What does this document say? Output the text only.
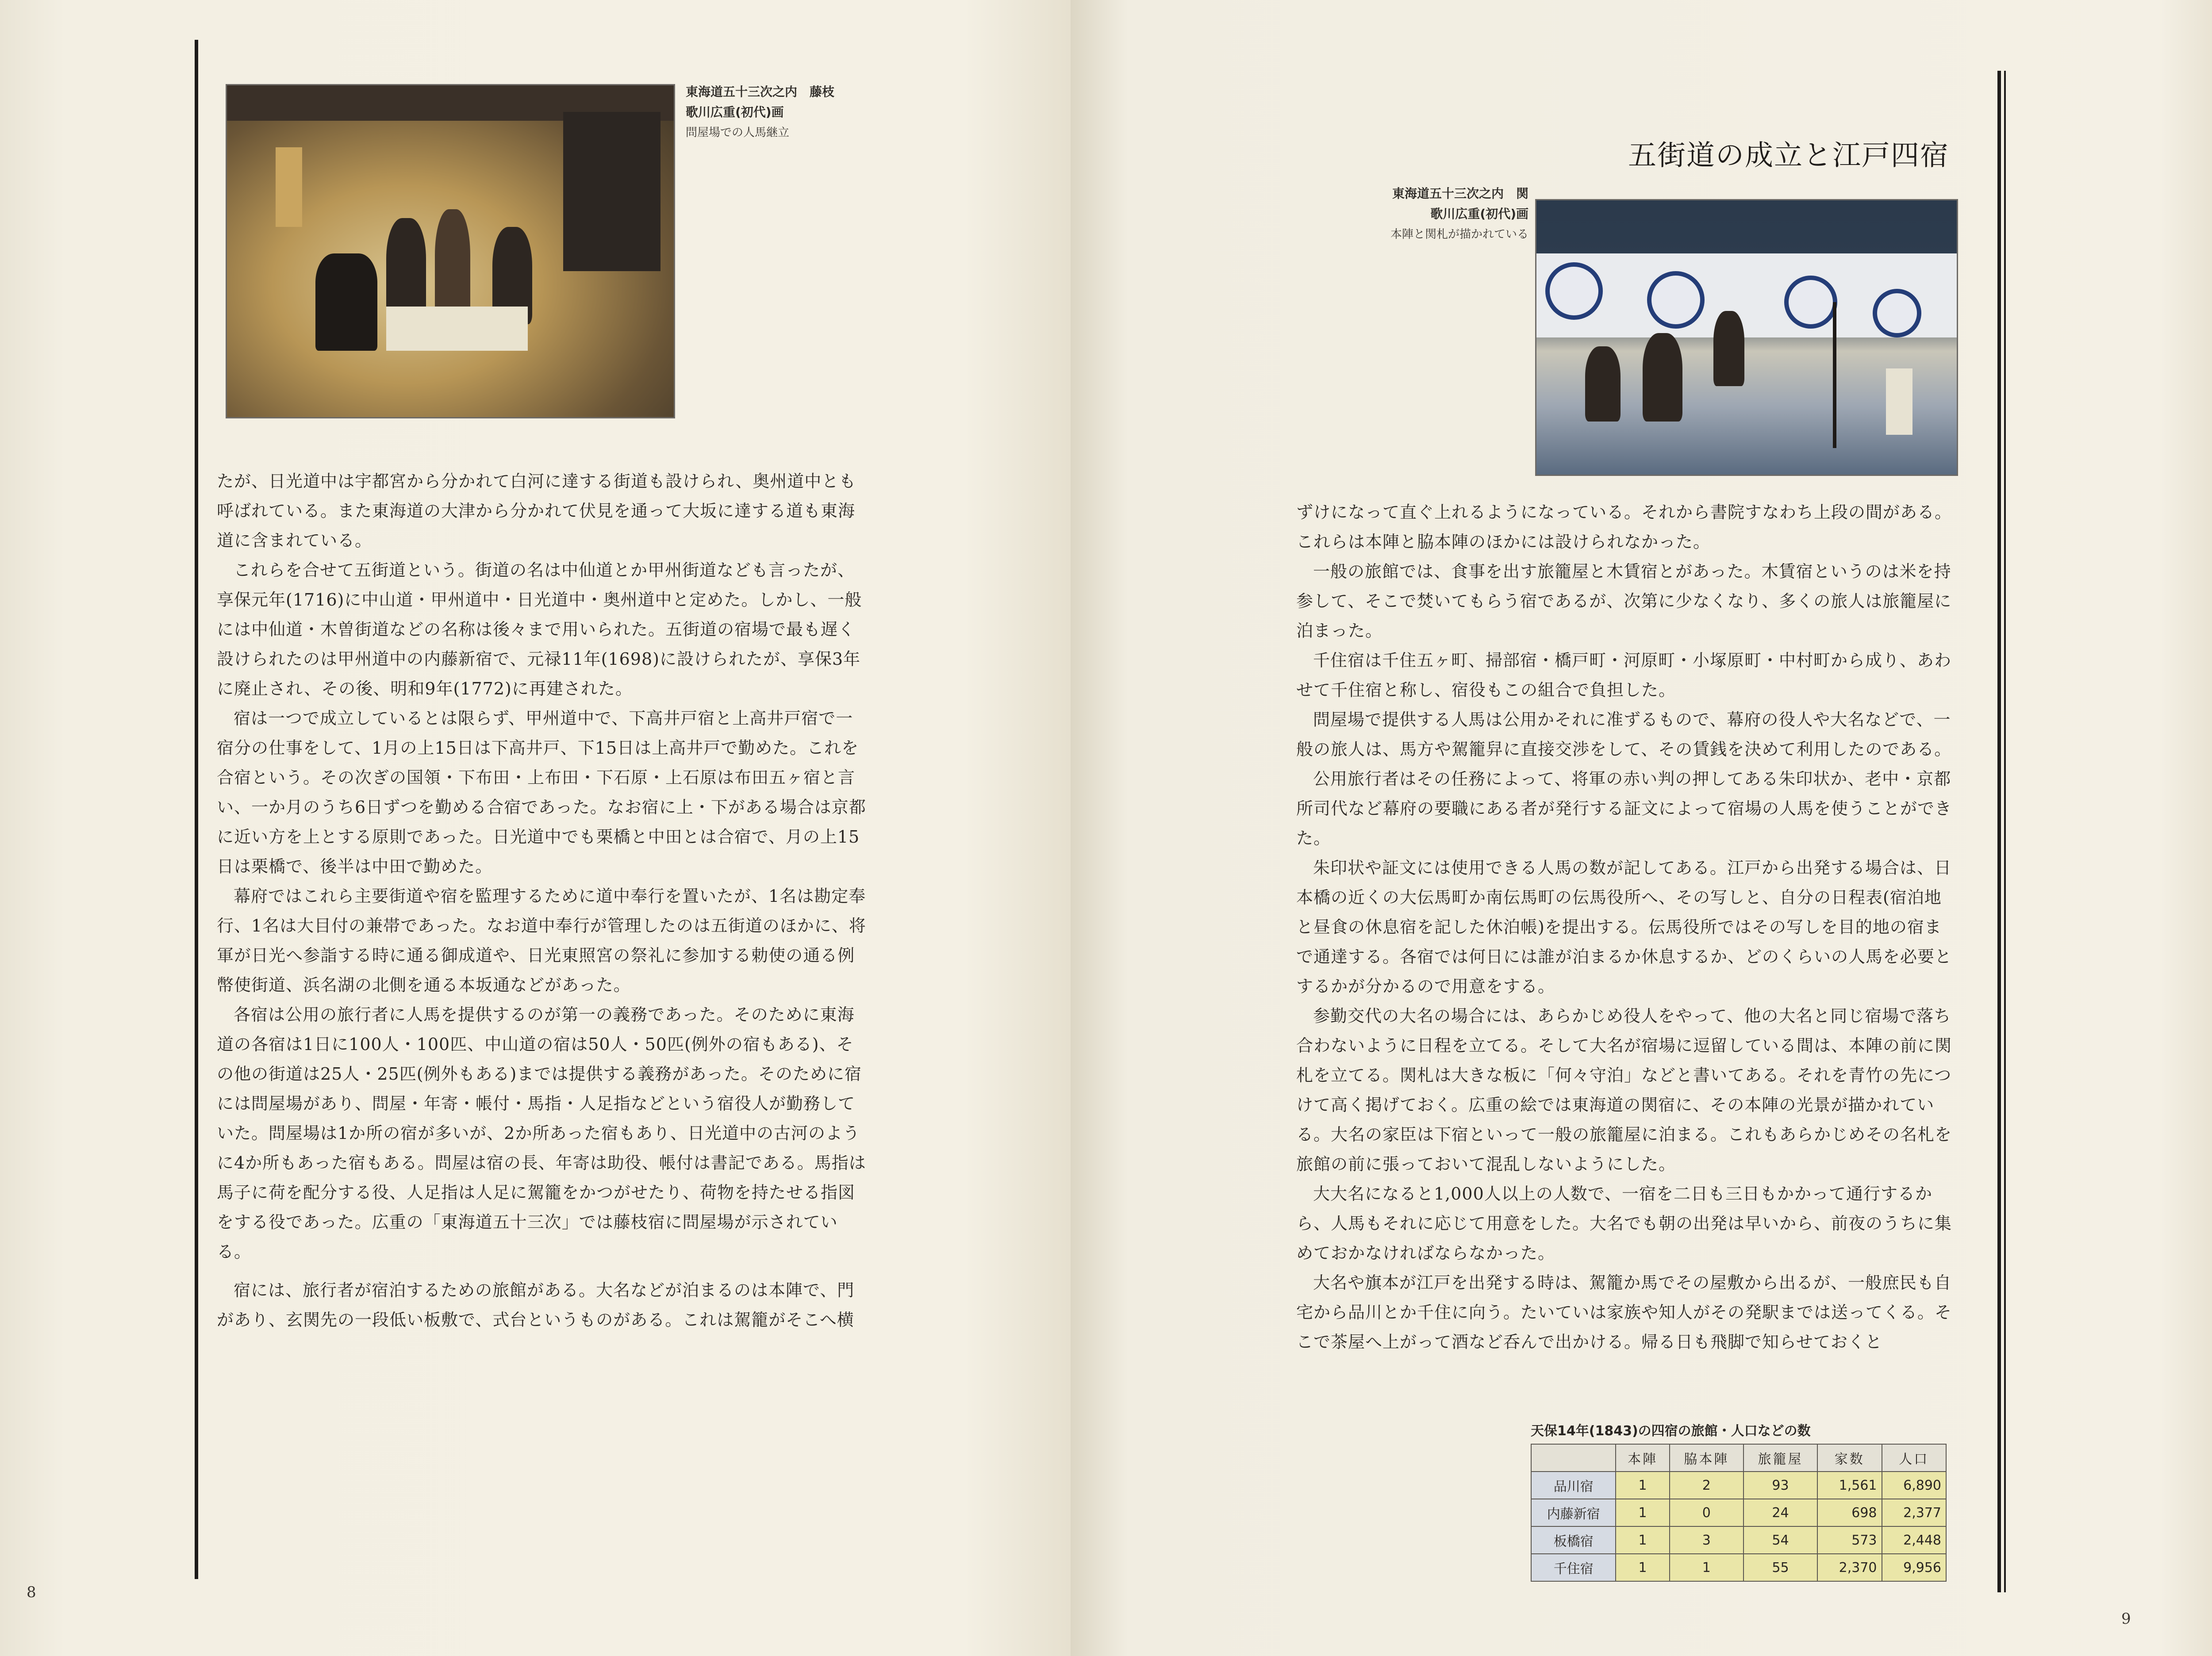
東海道五十三次之内　藤枝
歌川広重(初代)画
問屋場での人馬継立

たが、日光道中は宇都宮から分かれて白河に達する街道も設けられ、奥州道中とも呼ばれている。また東海道の大津から分かれて伏見を通って大坂に達する道も東海道に含まれている。

これらを合せて五街道という。街道の名は中仙道とか甲州街道なども言ったが、享保元年(1716)に中山道・甲州道中・日光道中・奥州道中と定めた。しかし、一般には中仙道・木曽街道などの名称は後々まで用いられた。五街道の宿場で最も遅く設けられたのは甲州道中の内藤新宿で、元禄11年(1698)に設けられたが、享保3年に廃止され、その後、明和9年(1772)に再建された。

宿は一つで成立しているとは限らず、甲州道中で、下高井戸宿と上高井戸宿で一宿分の仕事をして、1月の上15日は下高井戸、下15日は上高井戸で勤めた。これを合宿という。その次ぎの国領・下布田・上布田・下石原・上石原は布田五ヶ宿と言い、一か月のうち6日ずつを勤める合宿であった。なお宿に上・下がある場合は京都に近い方を上とする原則であった。日光道中でも栗橋と中田とは合宿で、月の上15日は栗橋で、後半は中田で勤めた。

幕府ではこれら主要街道や宿を監理するために道中奉行を置いたが、1名は勘定奉行、1名は大目付の兼帯であった。なお道中奉行が管理したのは五街道のほかに、将軍が日光へ参詣する時に通る御成道や、日光東照宮の祭礼に参加する勅使の通る例幣使街道、浜名湖の北側を通る本坂通などがあった。

各宿は公用の旅行者に人馬を提供するのが第一の義務であった。そのために東海道の各宿は1日に100人・100匹、中山道の宿は50人・50匹(例外の宿もある)、その他の街道は25人・25匹(例外もある)までは提供する義務があった。そのために宿には問屋場があり、問屋・年寄・帳付・馬指・人足指などという宿役人が勤務していた。問屋場は1か所の宿が多いが、2か所あった宿もあり、日光道中の古河のように4か所もあった宿もある。問屋は宿の長、年寄は助役、帳付は書記である。馬指は馬子に荷を配分する役、人足指は人足に駕籠をかつがせたり、荷物を持たせる指図をする役であった。広重の「東海道五十三次」では藤枝宿に問屋場が示されている。

宿には、旅行者が宿泊するための旅館がある。大名などが泊まるのは本陣で、門があり、玄関先の一段低い板敷で、式台というものがある。これは駕籠がそこへ横

8
五街道の成立と江戸四宿
東海道五十三次之内　関
歌川広重(初代)画
本陣と関札が描かれている

ずけになって直ぐ上れるようになっている。それから書院すなわち上段の間がある。これらは本陣と脇本陣のほかには設けられなかった。

一般の旅館では、食事を出す旅籠屋と木賃宿とがあった。木賃宿というのは米を持参して、そこで焚いてもらう宿であるが、次第に少なくなり、多くの旅人は旅籠屋に泊まった。

千住宿は千住五ヶ町、掃部宿・橋戸町・河原町・小塚原町・中村町から成り、あわせて千住宿と称し、宿役もこの組合で負担した。

問屋場で提供する人馬は公用かそれに准ずるもので、幕府の役人や大名などで、一般の旅人は、馬方や駕籠舁に直接交渉をして、その賃銭を決めて利用したのである。

公用旅行者はその任務によって、将軍の赤い判の押してある朱印状か、老中・京都所司代など幕府の要職にある者が発行する証文によって宿場の人馬を使うことができた。

朱印状や証文には使用できる人馬の数が記してある。江戸から出発する場合は、日本橋の近くの大伝馬町か南伝馬町の伝馬役所へ、その写しと、自分の日程表(宿泊地と昼食の休息宿を記した休泊帳)を提出する。伝馬役所ではその写しを目的地の宿まで通達する。各宿では何日には誰が泊まるか休息するか、どのくらいの人馬を必要とするかが分かるので用意をする。

参勤交代の大名の場合には、あらかじめ役人をやって、他の大名と同じ宿場で落ち合わないように日程を立てる。そして大名が宿場に逗留している間は、本陣の前に関札を立てる。関札は大きな板に「何々守泊」などと書いてある。それを青竹の先につけて高く掲げておく。広重の絵では東海道の関宿に、その本陣の光景が描かれている。大名の家臣は下宿といって一般の旅籠屋に泊まる。これもあらかじめその名札を旅館の前に張っておいて混乱しないようにした。

大大名になると1,000人以上の人数で、一宿を二日も三日もかかって通行するから、人馬もそれに応じて用意をした。大名でも朝の出発は早いから、前夜のうちに集めておかなければならなかった。

大名や旗本が江戸を出発する時は、駕籠か馬でその屋敷から出るが、一般庶民も自宅から品川とか千住に向う。たいていは家族や知人がその発駅までは送ってくる。そこで茶屋へ上がって酒など呑んで出かける。帰る日も飛脚で知らせておくと

天保14年(1843)の四宿の旅館・人口などの数
	本陣	脇本陣	旅籠屋	家数	人口
品川宿	1	2	93	1,561	6,890
内藤新宿	1	0	24	698	2,377
板橋宿	1	3	54	573	2,448
千住宿	1	1	55	2,370	9,956
9
